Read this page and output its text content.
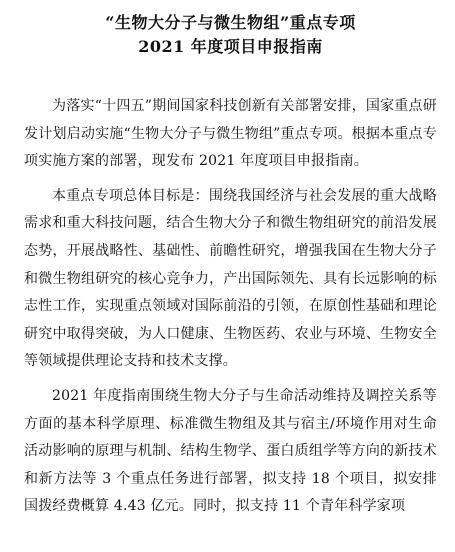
“生物大分子与微生物组”重点专项
2021 年度项目申报指南

为落实“十四五”期间国家科技创新有关部署安排，国家重点研发计划启动实施“生物大分子与微生物组”重点专项。根据本重点专项实施方案的部署，现发布 2021 年度项目申报指南。

本重点专项总体目标是：围绕我国经济与社会发展的重大战略需求和重大科技问题，结合生物大分子和微生物组研究的前沿发展态势，开展战略性、基础性、前瞻性研究，增强我国在生物大分子和微生物组研究的核心竞争力，产出国际领先、具有长远影响的标志性工作，实现重点领域对国际前沿的引领，在原创性基础和理论研究中取得突破，为人口健康、生物医药、农业与环境、生物安全等领域提供理论支持和技术支撑。

2021 年度指南围绕生物大分子与生命活动维持及调控关系等方面的基本科学原理、标准微生物组及其与宿主/环境作用对生命活动影响的原理与机制、结构生物学、蛋白质组学等方向的新技术和新方法等 3 个重点任务进行部署，拟支持 18 个项目，拟安排国拨经费概算 4.43 亿元。同时，拟支持 11 个青年科学家项
